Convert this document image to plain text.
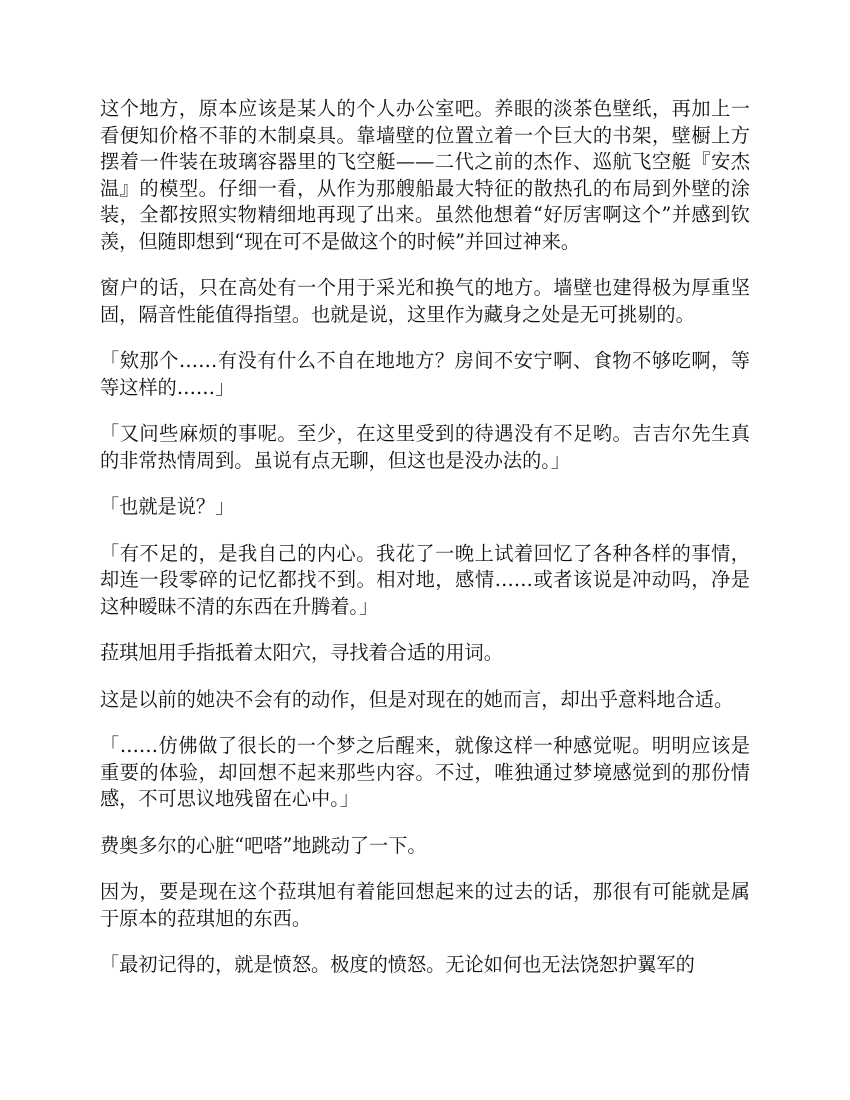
这个地方，原本应该是某人的个人办公室吧。养眼的淡茶色壁纸，再加上一看便知价格不菲的木制桌具。靠墙壁的位置立着一个巨大的书架，壁橱上方摆着一件装在玻璃容器里的飞空艇——二代之前的杰作、巡航飞空艇『安杰温』的模型。仔细一看，从作为那艘船最大特征的散热孔的布局到外壁的涂装，全都按照实物精细地再现了出来。虽然他想着“好厉害啊这个”并感到钦羡，但随即想到“现在可不是做这个的时候”并回过神来。

窗户的话，只在高处有一个用于采光和换气的地方。墙壁也建得极为厚重坚固，隔音性能值得指望。也就是说，这里作为藏身之处是无可挑剔的。

「欸那个……有没有什么不自在地地方？房间不安宁啊、食物不够吃啊，等等这样的……」

「又问些麻烦的事呢。至少，在这里受到的待遇没有不足哟。吉吉尔先生真的非常热情周到。虽说有点无聊，但这也是没办法的。」

「也就是说？」

「有不足的，是我自己的内心。我花了一晚上试着回忆了各种各样的事情，却连一段零碎的记忆都找不到。相对地，感情……或者该说是冲动吗，净是这种暧昧不清的东西在升腾着。」

菈琪旭用手指抵着太阳穴，寻找着合适的用词。

这是以前的她决不会有的动作，但是对现在的她而言，却出乎意料地合适。

「……仿佛做了很长的一个梦之后醒来，就像这样一种感觉呢。明明应该是重要的体验，却回想不起来那些内容。不过，唯独通过梦境感觉到的那份情感，不可思议地残留在心中。」

费奥多尔的心脏“吧嗒”地跳动了一下。

因为，要是现在这个菈琪旭有着能回想起来的过去的话，那很有可能就是属于原本的菈琪旭的东西。

「最初记得的，就是愤怒。极度的愤怒。无论如何也无法饶恕护翼军的
